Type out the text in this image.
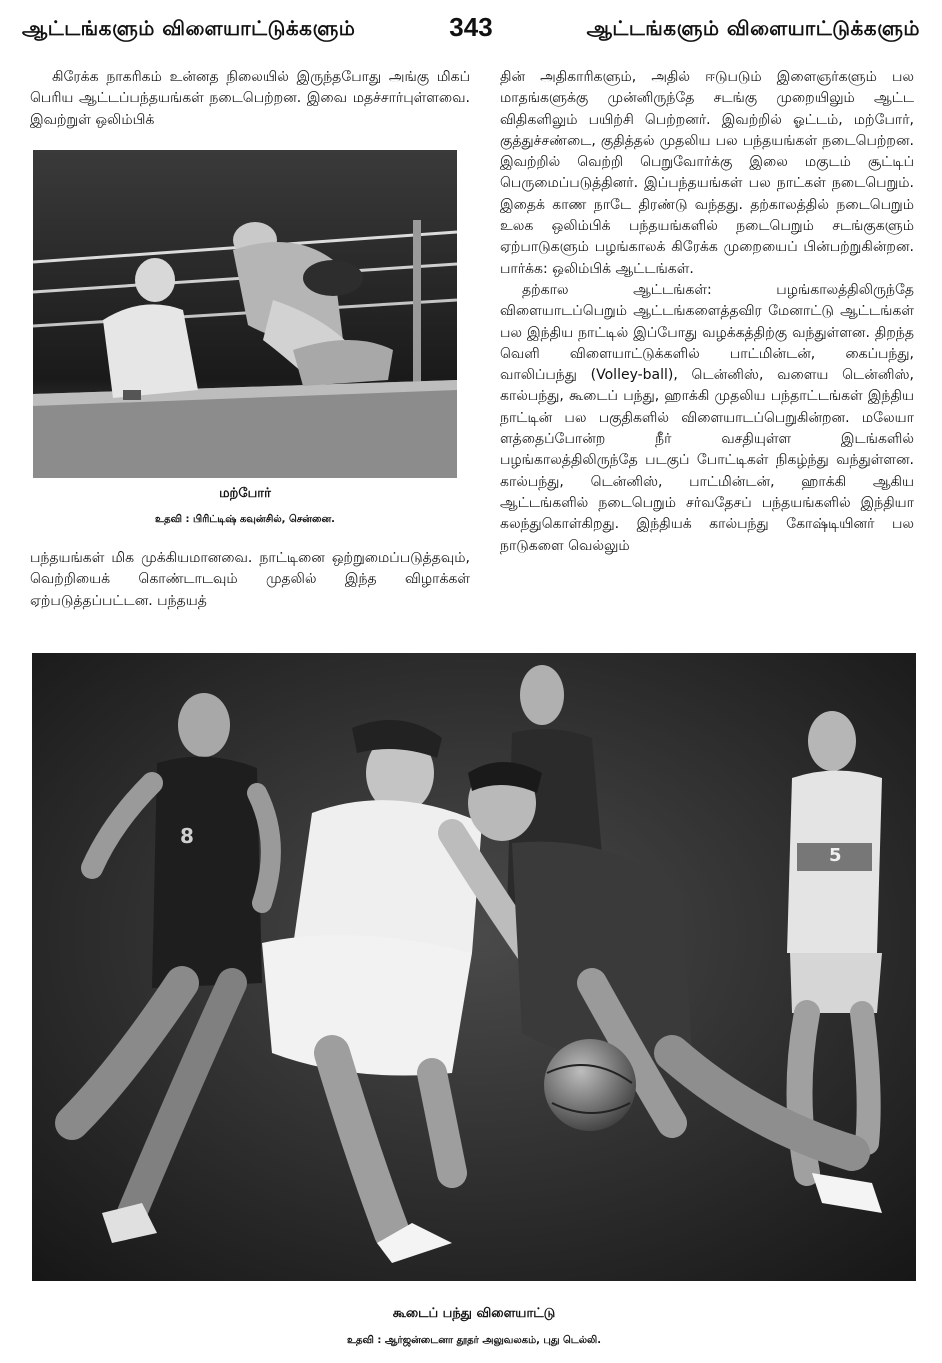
ஆட்டங்களும் விளையாட்டுக்களும்	343	ஆட்டங்களும் விளையாட்டுக்களும்

கிரேக்க நாகரிகம் உன்னத நிலையில் இருந்தபோது அங்கு மிகப் பெரிய ஆட்டப்பந்தயங்கள் நடைபெற்றன. இவை மதச்சார்புள்ளவை. இவற்றுள் ஒலிம்பிக்

மற்போர்
உதவி : பிரிட்டிஷ் கவுன்சில், சென்னை.

பந்தயங்கள் மிக முக்கியமானவை. நாட்டினை ஒற்றுமைப்படுத்தவும், வெற்றியைக் கொண்டாடவும் முதலில் இந்த விழாக்கள் ஏற்படுத்தப்பட்டன. பந்தயத்

தின் அதிகாரிகளும், அதில் ஈடுபடும் இளைஞர்களும் பல மாதங்களுக்கு முன்னிருந்தே சடங்கு முறையிலும் ஆட்ட விதிகளிலும் பயிற்சி பெற்றனர். இவற்றில் ஓட்டம், மற்போர், குத்துச்சண்டை, குதித்தல் முதலிய பல பந்தயங்கள் நடைபெற்றன. இவற்றில் வெற்றி பெறுவோர்க்கு இலை மகுடம் சூட்டிப் பெருமைப்படுத்தினர். இப்பந்தயங்கள் பல நாட்கள் நடைபெறும். இதைக் காண நாடே திரண்டு வந்தது. தற்காலத்தில் நடைபெறும் உலக ஒலிம்பிக் பந்தயங்களில் நடைபெறும் சடங்குகளும் ஏற்பாடுகளும் பழங்காலக் கிரேக்க முறையைப் பின்பற்றுகின்றன. பார்க்க: ஒலிம்பிக் ஆட்டங்கள்.

தற்கால ஆட்டங்கள்: பழங்காலத்திலிருந்தே விளையாடப்பெறும் ஆட்டங்களைத்தவிர மேனாட்டு ஆட்டங்கள் பல இந்திய நாட்டில் இப்போது வழக்கத்திற்கு வந்துள்ளன. திறந்த வெளி விளையாட்டுக்களில் பாட்மின்டன், கைப்பந்து, வாலிப்பந்து (Volley-ball), டென்னிஸ், வளைய டென்னிஸ், கால்பந்து, கூடைப் பந்து, ஹாக்கி முதலிய பந்தாட்டங்கள் இந்திய நாட்டின் பல பகுதிகளில் விளையாடப்பெறுகின்றன. மலேயா ளத்தைப்போன்ற நீர் வசதியுள்ள இடங்களில் பழங்காலத்திலிருந்தே படகுப் போட்டிகள் நிகழ்ந்து வந்துள்ளன. கால்பந்து, டென்னிஸ், பாட்மின்டன், ஹாக்கி ஆகிய ஆட்டங்களில் நடைபெறும் சர்வதேசப் பந்தயங்களில் இந்தியா கலந்துகொள்கிறது. இந்தியக் கால்பந்து கோஷ்டியினர் பல நாடுகளை வெல்லும்

8
5
கூடைப் பந்து விளையாட்டு
உதவி : ஆர்ஜன்டைனா தூதர் அலுவலகம், புது டெல்லி.
